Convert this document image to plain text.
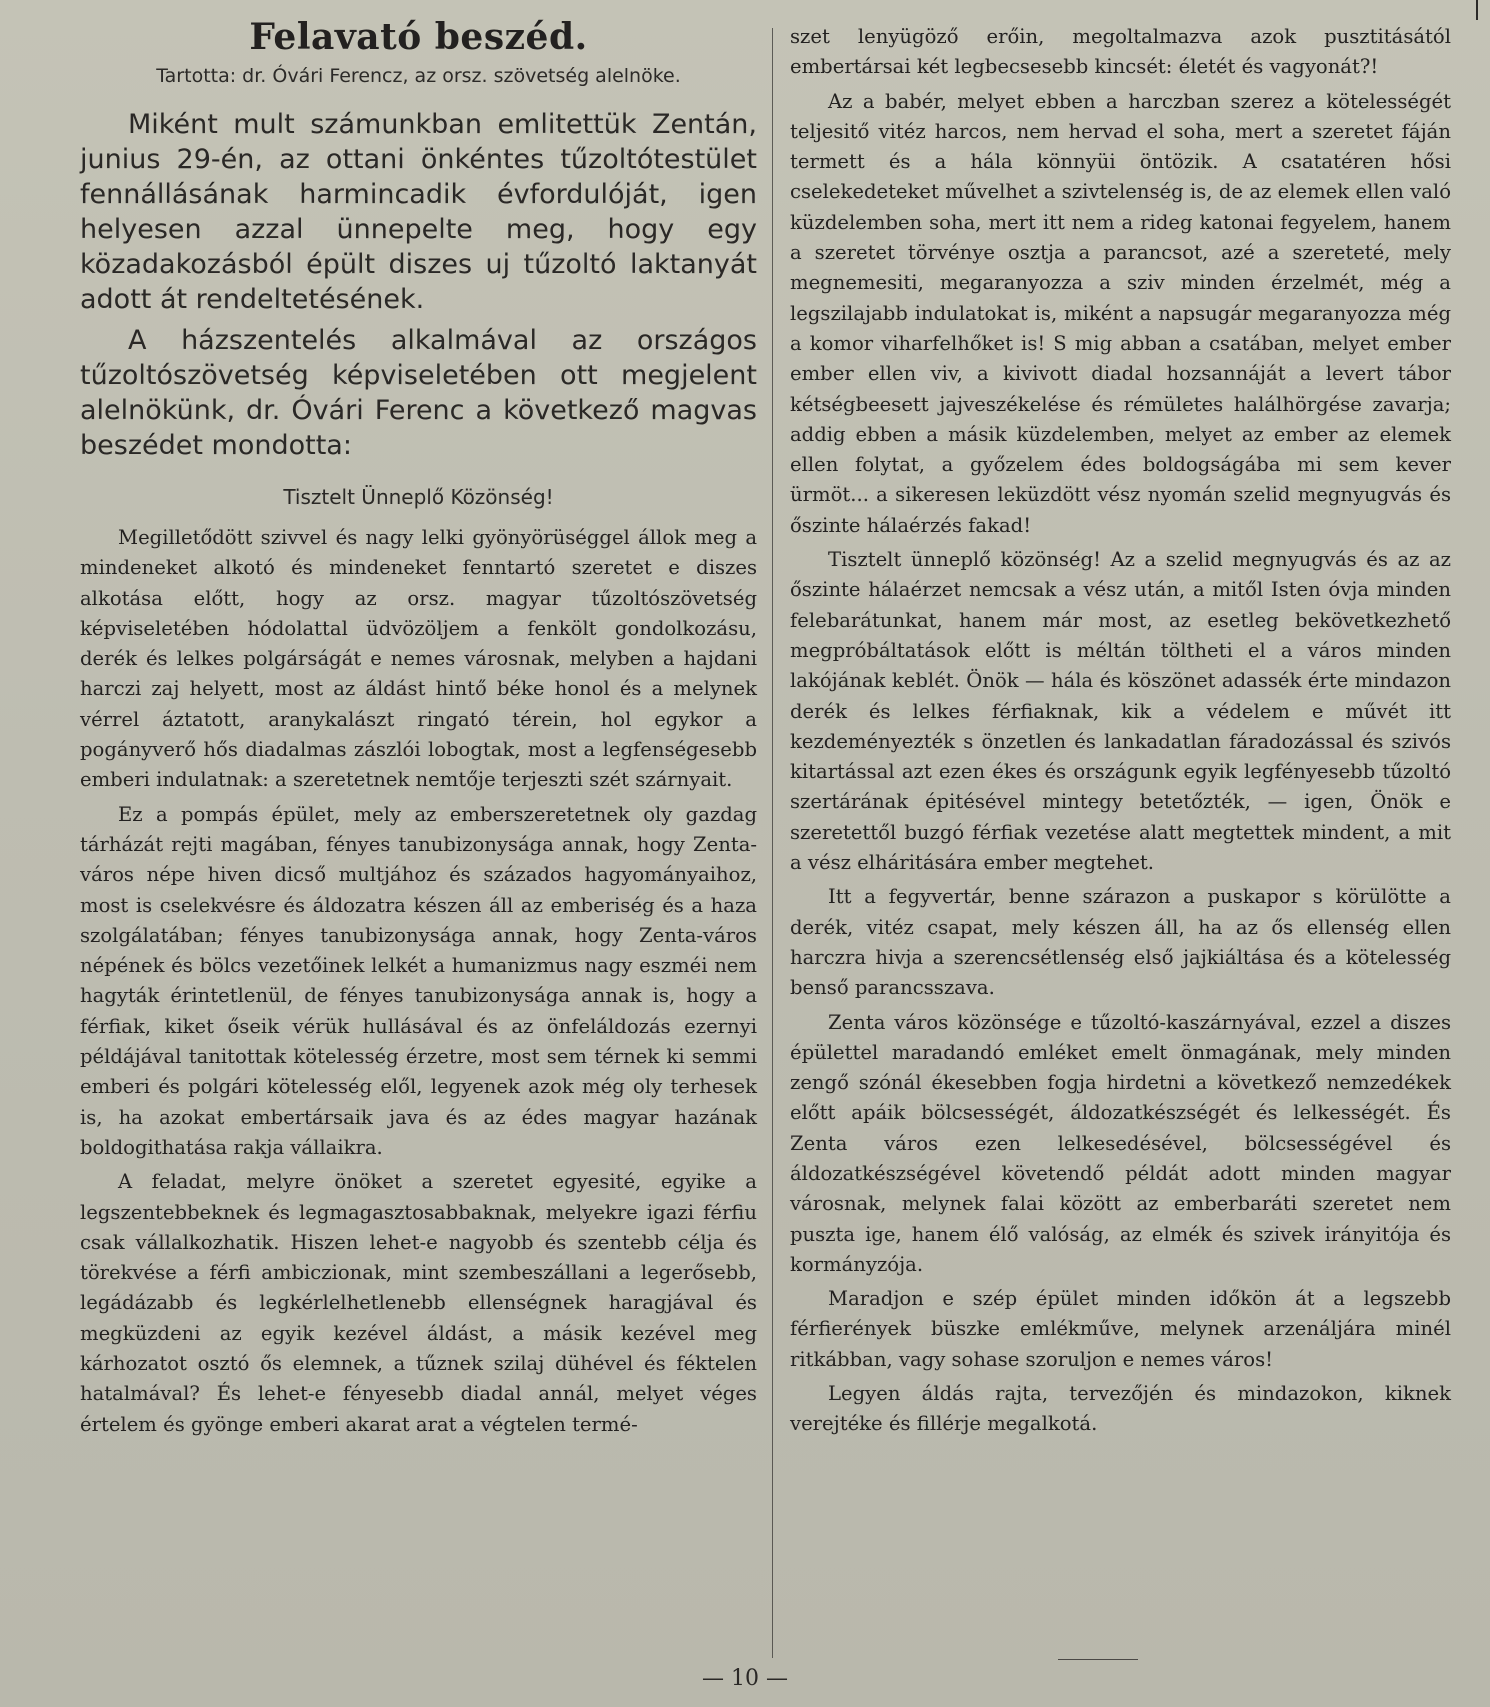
Felavató beszéd.
Tartotta: dr. Óvári Ferencz, az orsz. szövetség alelnöke.

Miként mult számunkban emlitettük Zentán, junius 29-én, az ottani önkéntes tűzoltótestület fennállásának harmincadik évfordulóját, igen helyesen azzal ünnepelte meg, hogy egy közadakozásból épült diszes uj tűzoltó laktanyát adott át rendeltetésének.

A házszentelés alkalmával az országos tűzoltószövetség képviseletében ott megjelent alelnökünk, dr. Óvári Ferenc a következő magvas beszédet mondotta:

Tisztelt Ünneplő Közönség!

Megilletődött szivvel és nagy lelki gyönyörüséggel állok meg a mindeneket alkotó és mindeneket fenntartó szeretet e diszes alkotása előtt, hogy az orsz. magyar tűzoltószövetség képviseletében hódolattal üdvözöljem a fenkölt gondolkozásu, derék és lelkes polgárságát e nemes városnak, melyben a hajdani harczi zaj helyett, most az áldást hintő béke honol és a melynek vérrel áztatott, aranykalászt ringató térein, hol egykor a pogányverő hős diadalmas zászlói lobogtak, most a legfenségesebb emberi indulatnak: a szeretetnek nemtője terjeszti szét szárnyait.

Ez a pompás épület, mely az emberszeretetnek oly gazdag tárházát rejti magában, fényes tanubizonysága annak, hogy Zenta-város népe hiven dicső multjához és százados hagyományaihoz, most is cselekvésre és áldozatra készen áll az emberiség és a haza szolgálatában; fényes tanubizonysága annak, hogy Zenta-város népének és bölcs vezetőinek lelkét a humanizmus nagy eszméi nem hagyták érintetlenül, de fényes tanubizonysága annak is, hogy a férfiak, kiket őseik vérük hullásával és az önfeláldozás ezernyi példájával tanitottak kötelesség érzetre, most sem térnek ki semmi emberi és polgári kötelesség elől, legyenek azok még oly terhesek is, ha azokat embertársaik java és az édes magyar hazának boldogithatása rakja vállaikra.

A feladat, melyre önöket a szeretet egyesité, egyike a legszentebbeknek és legmagasztosabbaknak, melyekre igazi férfiu csak vállalkozhatik. Hiszen lehet-e nagyobb és szentebb célja és törekvése a férfi ambiczionak, mint szembeszállani a legerősebb, legádázabb és legkérlelhetlenebb ellenségnek haragjával és megküzdeni az egyik kezével áldást, a másik kezével meg kárhozatot osztó ős elemnek, a tűznek szilaj dühével és féktelen hatalmával? És lehet-e fényesebb diadal annál, melyet véges értelem és gyönge emberi akarat arat a végtelen termé-

szet lenyügöző erőin, megoltalmazva azok pusztitásától embertársai két legbecsesebb kincsét: életét és vagyonát?!

Az a babér, melyet ebben a harczban szerez a kötelességét teljesitő vitéz harcos, nem hervad el soha, mert a szeretet fáján termett és a hála könnyüi öntözik. A csatatéren hősi cselekedeteket művelhet a szivtelenség is, de az elemek ellen való küzdelemben soha, mert itt nem a rideg katonai fegyelem, hanem a szeretet törvénye osztja a parancsot, azé a szereteté, mely megnemesiti, megaranyozza a sziv minden érzelmét, még a legszilajabb indulatokat is, miként a napsugár megaranyozza még a komor viharfelhőket is! S mig abban a csatában, melyet ember ember ellen viv, a kivivott diadal hozsannáját a levert tábor kétségbeesett jajveszékelése és rémületes halálhörgése zavarja; addig ebben a másik küzdelemben, melyet az ember az elemek ellen folytat, a győzelem édes boldogságába mi sem kever ürmöt... a sikeresen leküzdött vész nyomán szelid megnyugvás és őszinte hálaérzés fakad!

Tisztelt ünneplő közönség! Az a szelid megnyugvás és az az őszinte hálaérzet nemcsak a vész után, a mitől Isten óvja minden felebarátunkat, hanem már most, az esetleg bekövetkezhető megpróbáltatások előtt is méltán töltheti el a város minden lakójának keblét. Önök — hála és köszönet adassék érte mindazon derék és lelkes férfiaknak, kik a védelem e művét itt kezdeményezték s önzetlen és lankadatlan fáradozással és szivós kitartással azt ezen ékes és országunk egyik legfényesebb tűzoltó szertárának épitésével mintegy betetőzték, — igen, Önök e szeretettől buzgó férfiak vezetése alatt megtettek mindent, a mit a vész elháritására ember megtehet.

Itt a fegyvertár, benne szárazon a puskapor s körülötte a derék, vitéz csapat, mely készen áll, ha az ős ellenség ellen harczra hivja a szerencsétlenség első jajkiáltása és a kötelesség benső parancsszava.

Zenta város közönsége e tűzoltó-kaszárnyával, ezzel a diszes épülettel maradandó emléket emelt önmagának, mely minden zengő szónál ékesebben fogja hirdetni a következő nemzedékek előtt apáik bölcsességét, áldozatkészségét és lelkességét. És Zenta város ezen lelkesedésével, bölcsességével és áldozatkészségével követendő példát adott minden magyar városnak, melynek falai között az emberbaráti szeretet nem puszta ige, hanem élő valóság, az elmék és szivek irányitója és kormányzója.

Maradjon e szép épület minden időkön át a legszebb férfierények büszke emlékműve, melynek arzenáljára minél ritkábban, vagy sohase szoruljon e nemes város!

Legyen áldás rajta, tervezőjén és mindazokon, kiknek verejtéke és fillérje megalkotá.

— 10 —
